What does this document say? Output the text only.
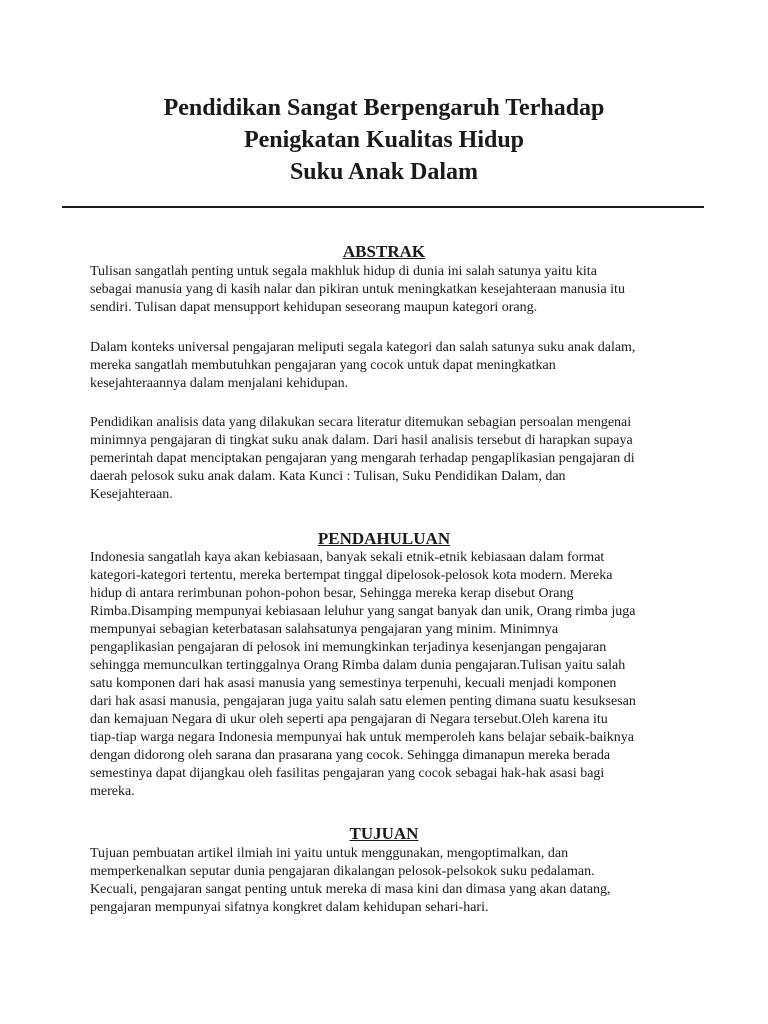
Pendidikan Sangat Berpengaruh Terhadap
Penigkatan Kualitas Hidup
Suku Anak Dalam
ABSTRAK
Tulisan sangatlah penting untuk segala makhluk hidup di dunia ini salah satunya yaitu kita
sebagai manusia yang di kasih nalar dan pikiran untuk meningkatkan kesejahteraan manusia itu
sendiri. Tulisan dapat mensupport kehidupan seseorang maupun kategori orang.
Dalam konteks universal pengajaran meliputi segala kategori dan salah satunya suku anak dalam,
mereka sangatlah membutuhkan pengajaran yang cocok untuk dapat meningkatkan
kesejahteraannya dalam menjalani kehidupan.
Pendidikan analisis data yang dilakukan secara literatur ditemukan sebagian persoalan mengenai
minimnya pengajaran di tingkat suku anak dalam. Dari hasil analisis tersebut di harapkan supaya
pemerintah dapat menciptakan pengajaran yang mengarah terhadap pengaplikasian pengajaran di
daerah pelosok suku anak dalam. Kata Kunci : Tulisan, Suku Pendidikan Dalam, dan
Kesejahteraan.
PENDAHULUAN
Indonesia sangatlah kaya akan kebiasaan, banyak sekali etnik-etnik kebiasaan dalam format
kategori-kategori tertentu, mereka bertempat tinggal dipelosok-pelosok kota modern. Mereka
hidup di antara rerimbunan pohon-pohon besar, Sehingga mereka kerap disebut Orang
Rimba.Disamping mempunyai kebiasaan leluhur yang sangat banyak dan unik, Orang rimba juga
mempunyai sebagian keterbatasan salahsatunya pengajaran yang minim. Minimnya
pengaplikasian pengajaran di pelosok ini memungkinkan terjadinya kesenjangan pengajaran
sehingga memunculkan tertinggalnya Orang Rimba dalam dunia pengajaran.Tulisan yaitu salah
satu komponen dari hak asasi manusia yang semestinya terpenuhi, kecuali menjadi komponen
dari hak asasi manusia, pengajaran juga yaitu salah satu elemen penting dimana suatu kesuksesan
dan kemajuan Negara di ukur oleh seperti apa pengajaran di Negara tersebut.Oleh karena itu
tiap-tiap warga negara Indonesia mempunyai hak untuk memperoleh kans belajar sebaik-baiknya
dengan didorong oleh sarana dan prasarana yang cocok. Sehingga dimanapun mereka berada
semestinya dapat dijangkau oleh fasilitas pengajaran yang cocok sebagai hak-hak asasi bagi
mereka.
TUJUAN
Tujuan pembuatan artikel ilmiah ini yaitu untuk menggunakan, mengoptimalkan, dan
memperkenalkan seputar dunia pengajaran dikalangan pelosok-pelsokok suku pedalaman.
Kecuali, pengajaran sangat penting untuk mereka di masa kini dan dimasa yang akan datang,
pengajaran mempunyai sifatnya kongkret dalam kehidupan sehari-hari.
